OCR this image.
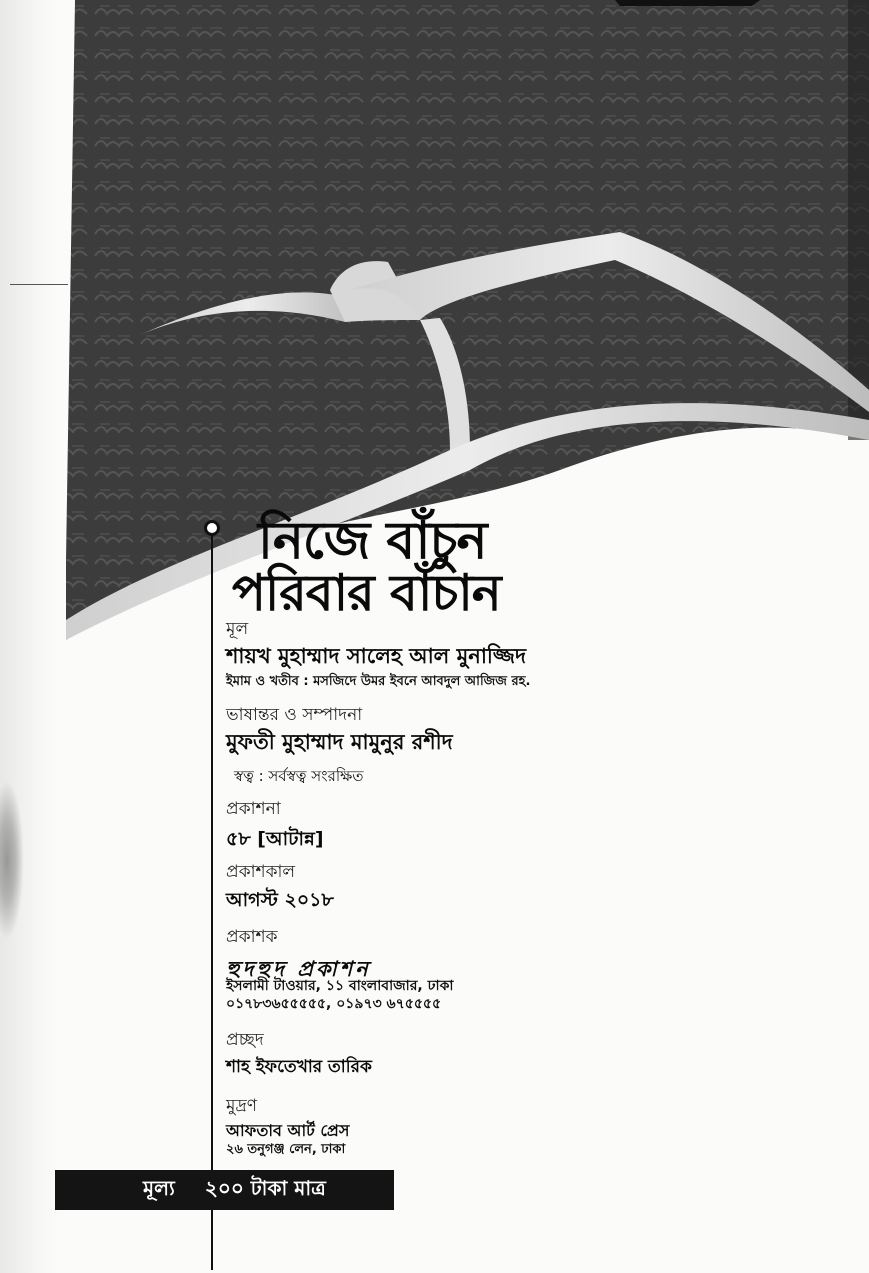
নিজে বাঁচুন
পরিবার বাঁচান
মূল
শায়খ মুহাম্মাদ সালেহ আল মুনাজ্জিদ
ইমাম ও খতীব : মসজিদে উমর ইবনে আবদুল আজিজ রহ.
ভাষান্তর ও সম্পাদনা
মুফতী মুহাম্মাদ মামুনুর রশীদ
স্বত্ব : সর্বস্বত্ব সংরক্ষিত
প্রকাশনা
৫৮ [আটান্ন]
প্রকাশকাল
আগস্ট ২০১৮
প্রকাশক
হুদহুদ প্রকাশন
ইসলামী টাওয়ার, ১১ বাংলাবাজার, ঢাকা
০১৭৮৩৬৫৫৫৫৫, ০১৯৭৩ ৬৭৫৫৫৫
প্রচ্ছদ
শাহ ইফতেখার তারিক
মুদ্রণ
আফতাব আর্ট প্রেস
২৬ তনুগঞ্জ লেন, ঢাকা
মূল্য ২০০ টাকা মাত্র
